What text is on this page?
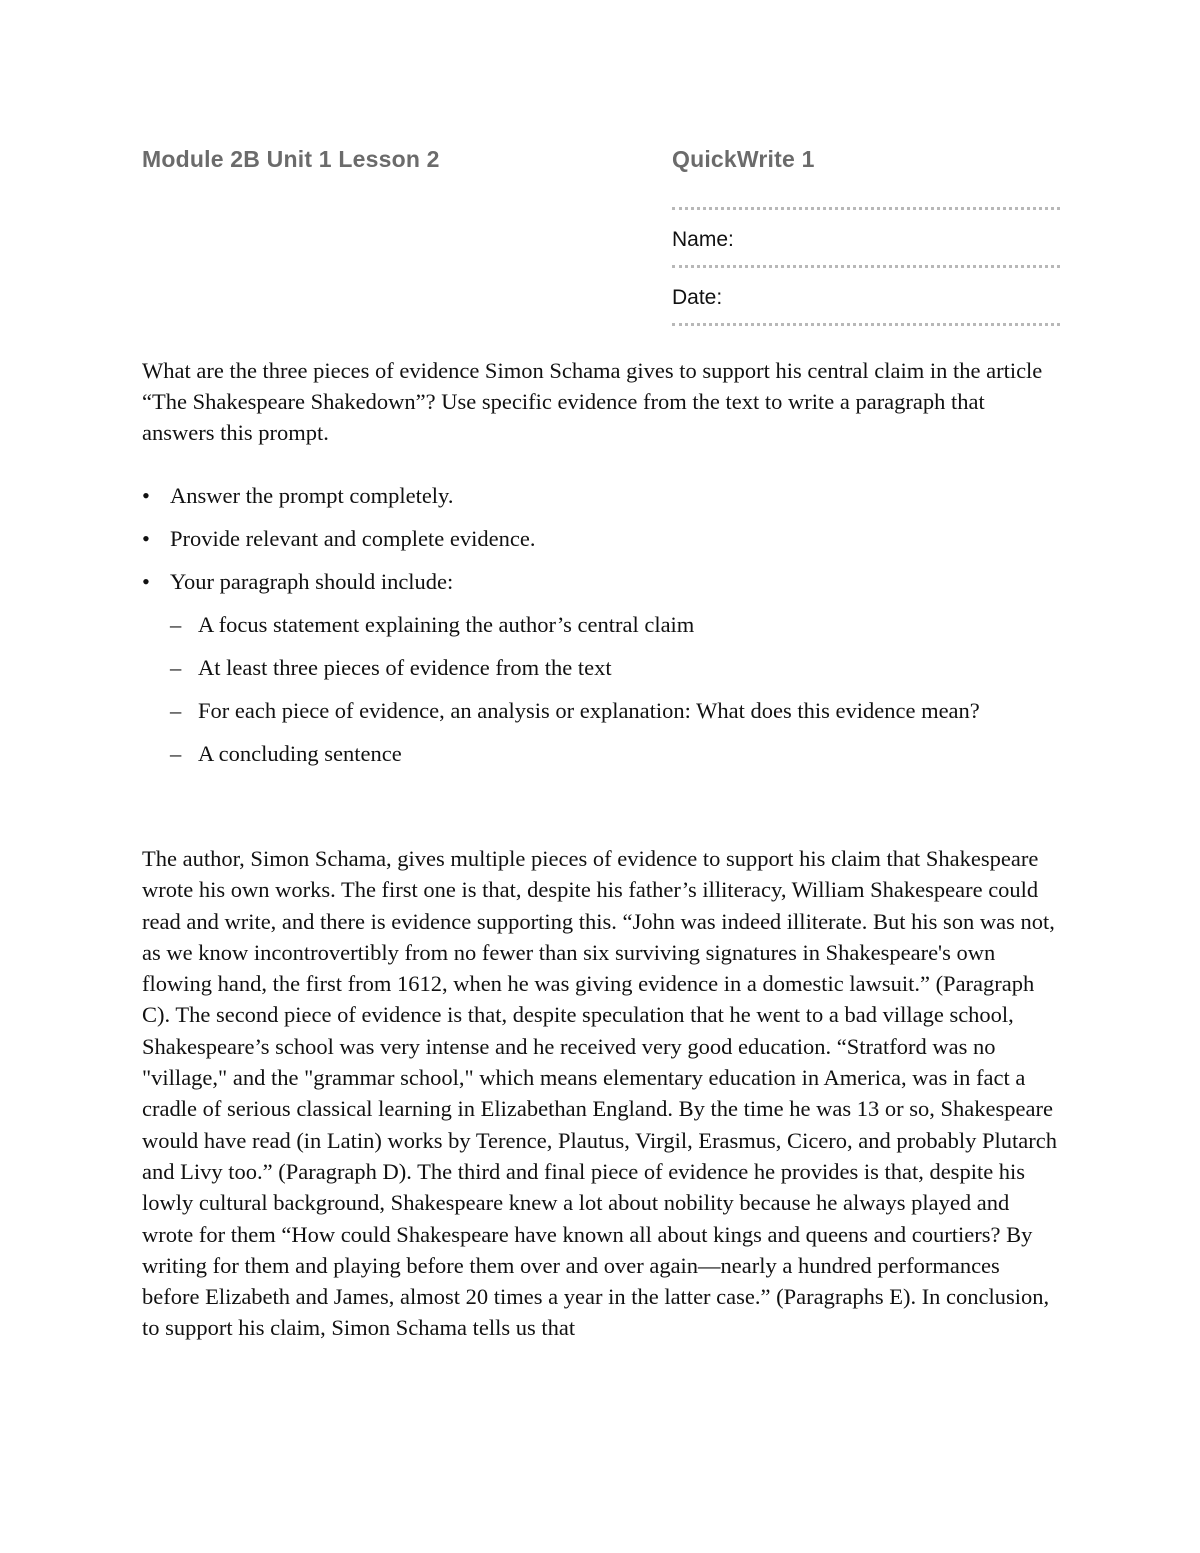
Module 2B Unit 1 Lesson 2	QuickWrite 1
Name:
Date:

What are the three pieces of evidence Simon Schama gives to support his central claim in the article “The Shakespeare Shakedown”? Use specific evidence from the text to write a paragraph that answers this prompt.

• Answer the prompt completely.
• Provide relevant and complete evidence.
• Your paragraph should include:
– A focus statement explaining the author’s central claim
– At least three pieces of evidence from the text
– For each piece of evidence, an analysis or explanation: What does this evidence mean?
– A concluding sentence

The author, Simon Schama, gives multiple pieces of evidence to support his claim that Shakespeare wrote his own works. The first one is that, despite his father’s illiteracy, William Shakespeare could read and write, and there is evidence supporting this. “John was indeed illiterate. But his son was not, as we know incontrovertibly from no fewer than six surviving signatures in Shakespeare's own flowing hand, the first from 1612, when he was giving evidence in a domestic lawsuit.” (Paragraph C). The second piece of evidence is that, despite speculation that he went to a bad village school, Shakespeare’s school was very intense and he received very good education. “Stratford was no "village," and the "grammar school," which means elementary education in America, was in fact a cradle of serious classical learning in Elizabethan England. By the time he was 13 or so, Shakespeare would have read (in Latin) works by Terence, Plautus, Virgil, Erasmus, Cicero, and probably Plutarch and Livy too.” (Paragraph D). The third and final piece of evidence he provides is that, despite his lowly cultural background, Shakespeare knew a lot about nobility because he always played and wrote for them “How could Shakespeare have known all about kings and queens and courtiers? By writing for them and playing before them over and over again—nearly a hundred performances before Elizabeth and James, almost 20 times a year in the latter case.” (Paragraphs E). In conclusion, to support his claim, Simon Schama tells us that
